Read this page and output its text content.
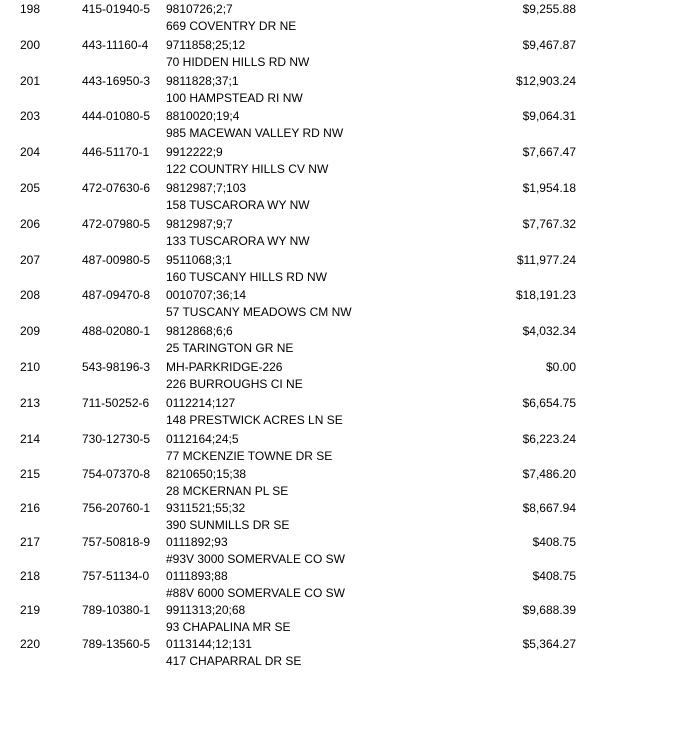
198	415-01940-5 9810726;2;7	$9,255.88
669 COVENTRY DR NE
200	443-11160-4 9711858;25;12	$9,467.87
70 HIDDEN HILLS RD NW
201	443-16950-3 9811828;37;1	$12,903.24
100 HAMPSTEAD RI NW
203	444-01080-5 8810020;19;4	$9,064.31
985 MACEWAN VALLEY RD NW
204	446-51170-1 9912222;9	$7,667.47
122 COUNTRY HILLS CV NW
205	472-07630-6 9812987;7;103	$1,954.18
158 TUSCARORA WY NW
206	472-07980-5 9812987;9;7	$7,767.32
133 TUSCARORA WY NW
207	487-00980-5 9511068;3;1	$11,977.24
160 TUSCANY HILLS RD NW
208	487-09470-8 0010707;36;14	$18,191.23
57 TUSCANY MEADOWS CM NW
209	488-02080-1 9812868;6;6	$4,032.34
25 TARINGTON GR NE
210	543-98196-3 MH-PARKRIDGE-226	$0.00
226 BURROUGHS CI NE
213	711-50252-6 0112214;127	$6,654.75
148 PRESTWICK ACRES LN SE
214	730-12730-5 0112164;24;5	$6,223.24
77 MCKENZIE TOWNE DR SE
215	754-07370-8 8210650;15;38	$7,486.20
28 MCKERNAN PL SE
216	756-20760-1 9311521;55;32	$8,667.94
390 SUNMILLS DR SE
217	757-50818-9 0111892;93	$408.75
#93V 3000 SOMERVALE CO SW
218	757-51134-0 0111893;88	$408.75
#88V 6000 SOMERVALE CO SW
219	789-10380-1 9911313;20;68	$9,688.39
93 CHAPALINA MR SE
220	789-13560-5 0113144;12;131	$5,364.27
417 CHAPARRAL DR SE
